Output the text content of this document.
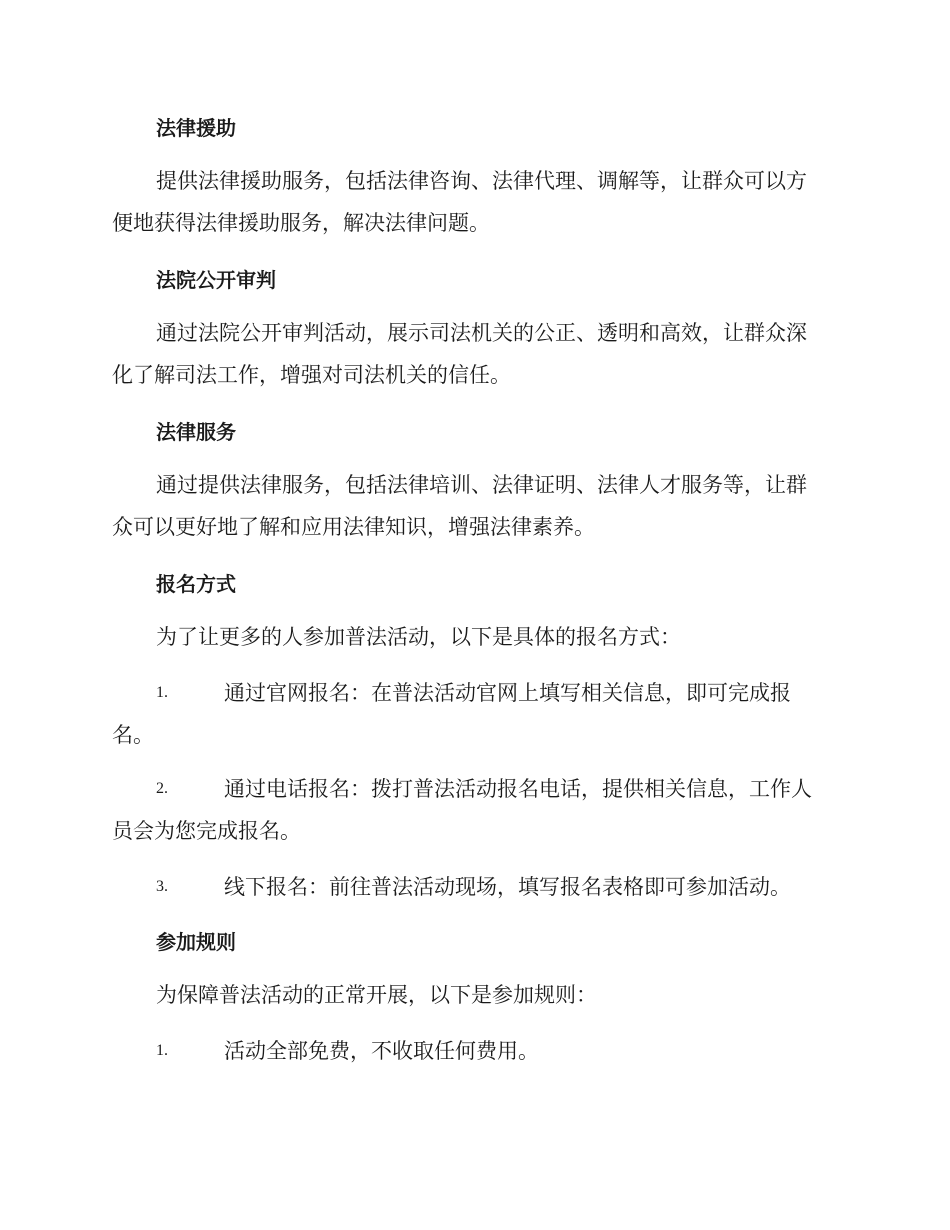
法律援助

提供法律援助服务，包括法律咨询、法律代理、调解等，让群众可以方
便地获得法律援助服务，解决法律问题。

法院公开审判

通过法院公开审判活动，展示司法机关的公正、透明和高效，让群众深
化了解司法工作，增强对司法机关的信任。

法律服务

通过提供法律服务，包括法律培训、法律证明、法律人才服务等，让群
众可以更好地了解和应用法律知识，增强法律素养。

报名方式

为了让更多的人参加普法活动，以下是具体的报名方式：

1.	通过官网报名：在普法活动官网上填写相关信息，即可完成报
名。
2.	通过电话报名：拨打普法活动报名电话，提供相关信息，工作人
员会为您完成报名。
3.	线下报名：前往普法活动现场，填写报名表格即可参加活动。
参加规则

为保障普法活动的正常开展，以下是参加规则：

1.	活动全部免费，不收取任何费用。
